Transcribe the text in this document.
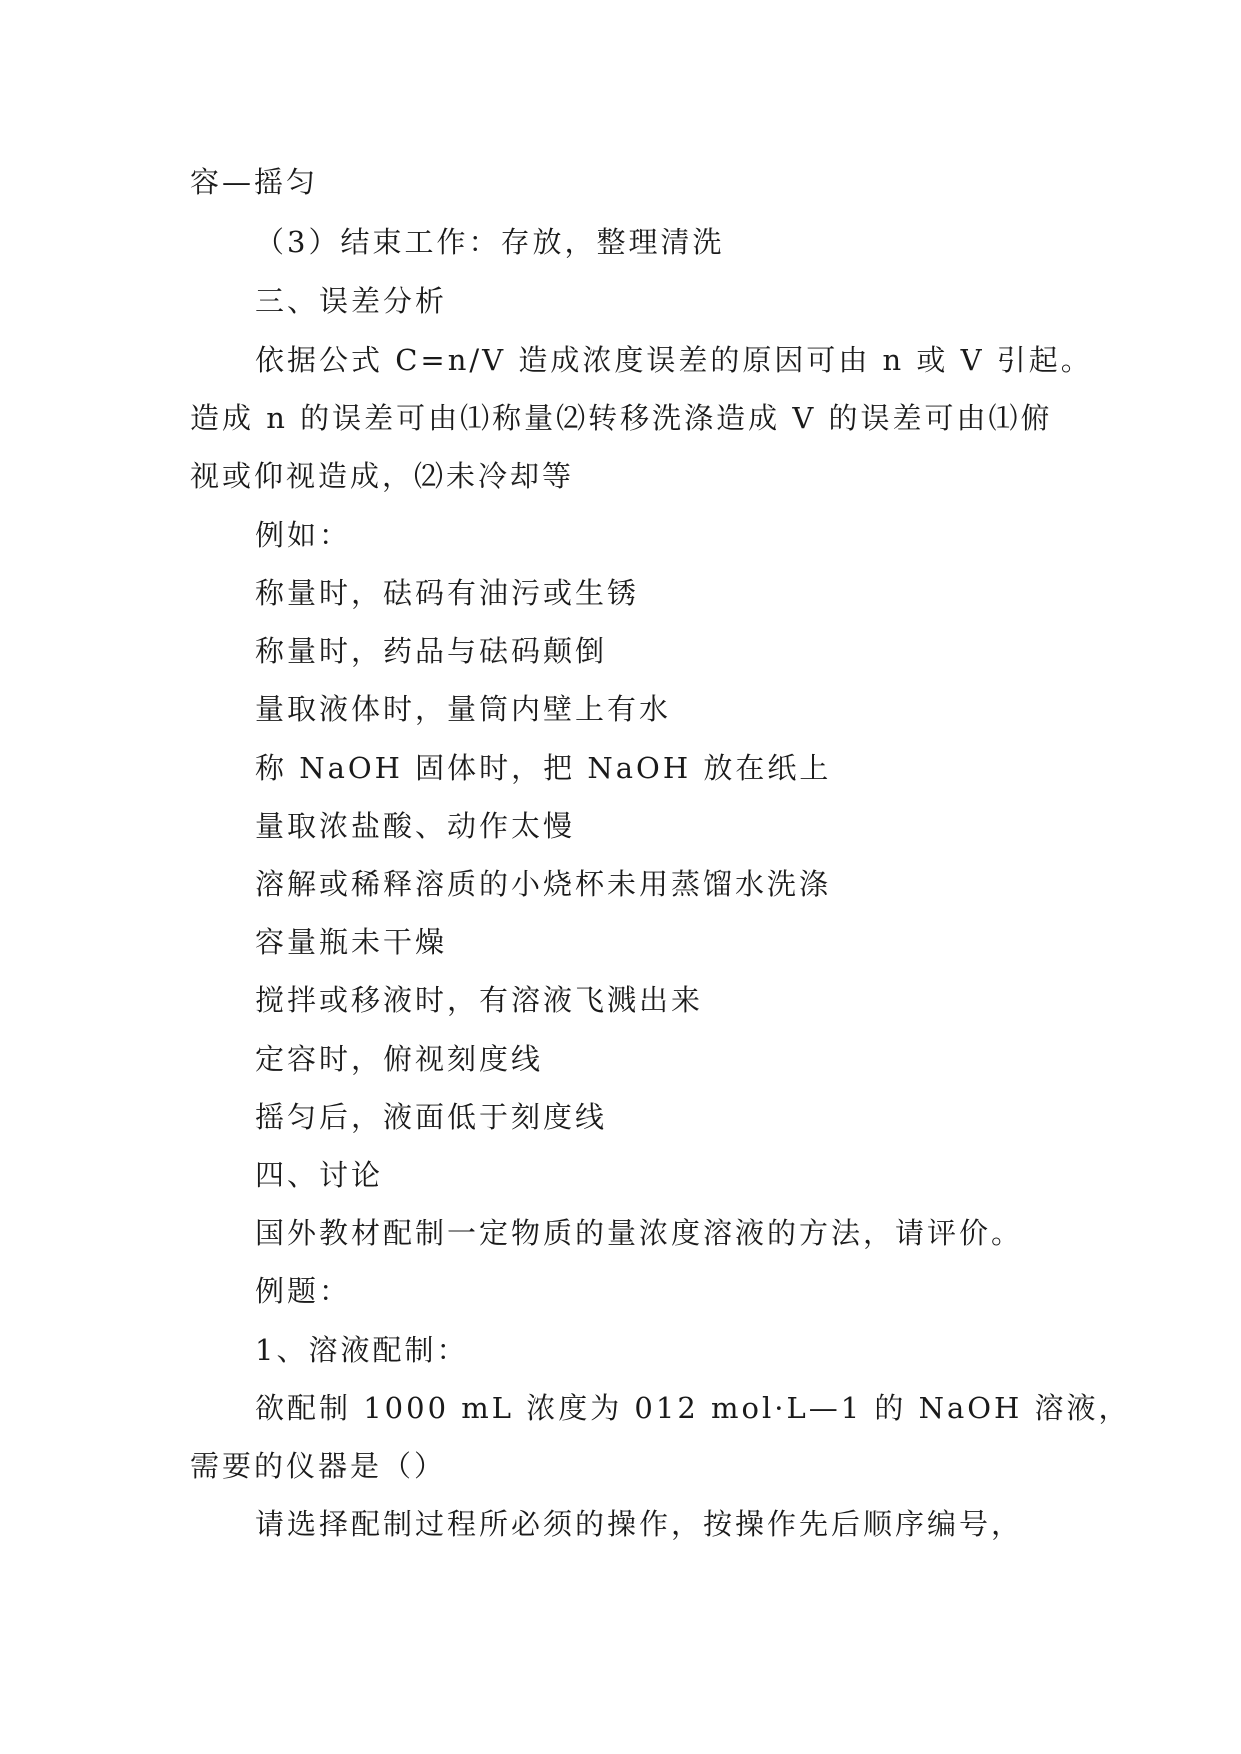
容—摇匀
（3）结束工作：存放，整理清洗
三、误差分析
依据公式 C=n/V 造成浓度误差的原因可由 n 或 V 引起。
造成 n 的误差可由⑴称量⑵转移洗涤造成 V 的误差可由⑴俯
视或仰视造成，⑵未冷却等
例如：
称量时，砝码有油污或生锈
称量时，药品与砝码颠倒
量取液体时，量筒内壁上有水
称 NaOH 固体时，把 NaOH 放在纸上
量取浓盐酸、动作太慢
溶解或稀释溶质的小烧杯未用蒸馏水洗涤
容量瓶未干燥
搅拌或移液时，有溶液飞溅出来
定容时，俯视刻度线
摇匀后，液面低于刻度线
四、讨论
国外教材配制一定物质的量浓度溶液的方法，请评价。
例题：
1、溶液配制：
欲配制 1000 mL 浓度为 012 mol·L—1 的 NaOH 溶液，
需要的仪器是（）
请选择配制过程所必须的操作，按操作先后顺序编号，
